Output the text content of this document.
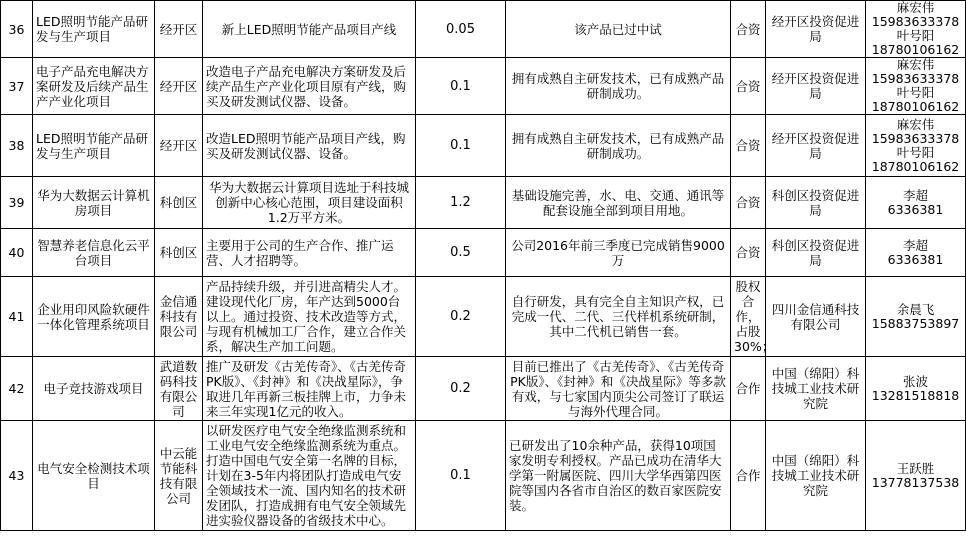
36	LED照明节能产品研发与生产项目	经开区	新上LED照明节能产品项目产线	0.05	该产品已过中试	合资	经开区投资促进局	麻宏伟
15983633378
叶号阳
18780106162

37	电子产品充电解决方案研发及后续产品生产产业化项目	经开区	改造电子产品充电解决方案研发及后续产品生产产业化项目原有产线，购买及研发测试仪器、设备。	0.1	拥有成熟自主研发技术，已有成熟产品研制成功。	合资	经开区投资促进局	麻宏伟
15983633378
叶号阳
18780106162

38	LED照明节能产品研发与生产项目	经开区	改造LED照明节能产品项目产线，购买及研发测试仪器、设备。	0.1	拥有成熟自主研发技术，已有成熟产品研制成功。	合资	经开区投资促进局	麻宏伟
15983633378
叶号阳
18780106162

39	华为大数据云计算机房项目	科创区	华为大数据云计算项目选址于科技城创新中心核心范围，项目建设面积1.2万平方米。	1.2	基础设施完善，水、电、交通、通讯等配套设施全部到项目用地。	合资	科创区投资促进局	李超
6336381

40	智慧养老信息化云平台项目	科创区	主要用于公司的生产合作、推广运营、人才招聘等。	0.5	公司2016年前三季度已完成销售9000万	合资	科创区投资促进局	李超
6336381

41	企业用印风险软硬件一体化管理系统项目	金信通科技有限公司	产品持续升级，并引进高精尖人才。建设现代化厂房，年产达到5000台以上。通过投资、技术改造等方式，与现有机械加工厂合作，建立合作关系，解决生产加工问题。	0.2	自行研发，具有完全自主知识产权，已完成一代、二代、三代样机系统研制，其中二代机已销售一套。	股权合作，占股30%；	四川金信通科技有限公司	余晨飞
15883753897

42	电子竞技游戏项目	武道数码科技有限公司	推广及研发《古羌传奇》、《古羌传奇PK版》、《封神》和《决战星际》，争取进几年再新三板挂牌上市，力争未来三年实现1亿元的收入。	0.2	目前已推出了《古羌传奇》、《古羌传奇PK版》、《封神》和《决战星际》等多款有戏，与七家国内顶尖公司签订了联运与海外代理合同。	合作	中国（绵阳）科技城工业技术研究院	张波
13281518818

43	电气安全检测技术项目	中云能节能科技有限公司	以研发医疗电气安全绝缘监测系统和工业电气安全绝缘监测系统为重点。打造中国电气安全第一名牌的目标，计划在3-5年内将团队打造成电气安全领域技术一流、国内知名的技术研发团队，打造成拥有电气安全领域先进实验仪器设备的省级技术中心。	0.1	已研发出了10余种产品，获得10项国家发明专利授权。产品已成功在清华大学第一附属医院、四川大学华西第四医院等国内各省市自治区的数百家医院安装。	合作	中国（绵阳）科技城工业技术研究院	王跃胜
13778137538
